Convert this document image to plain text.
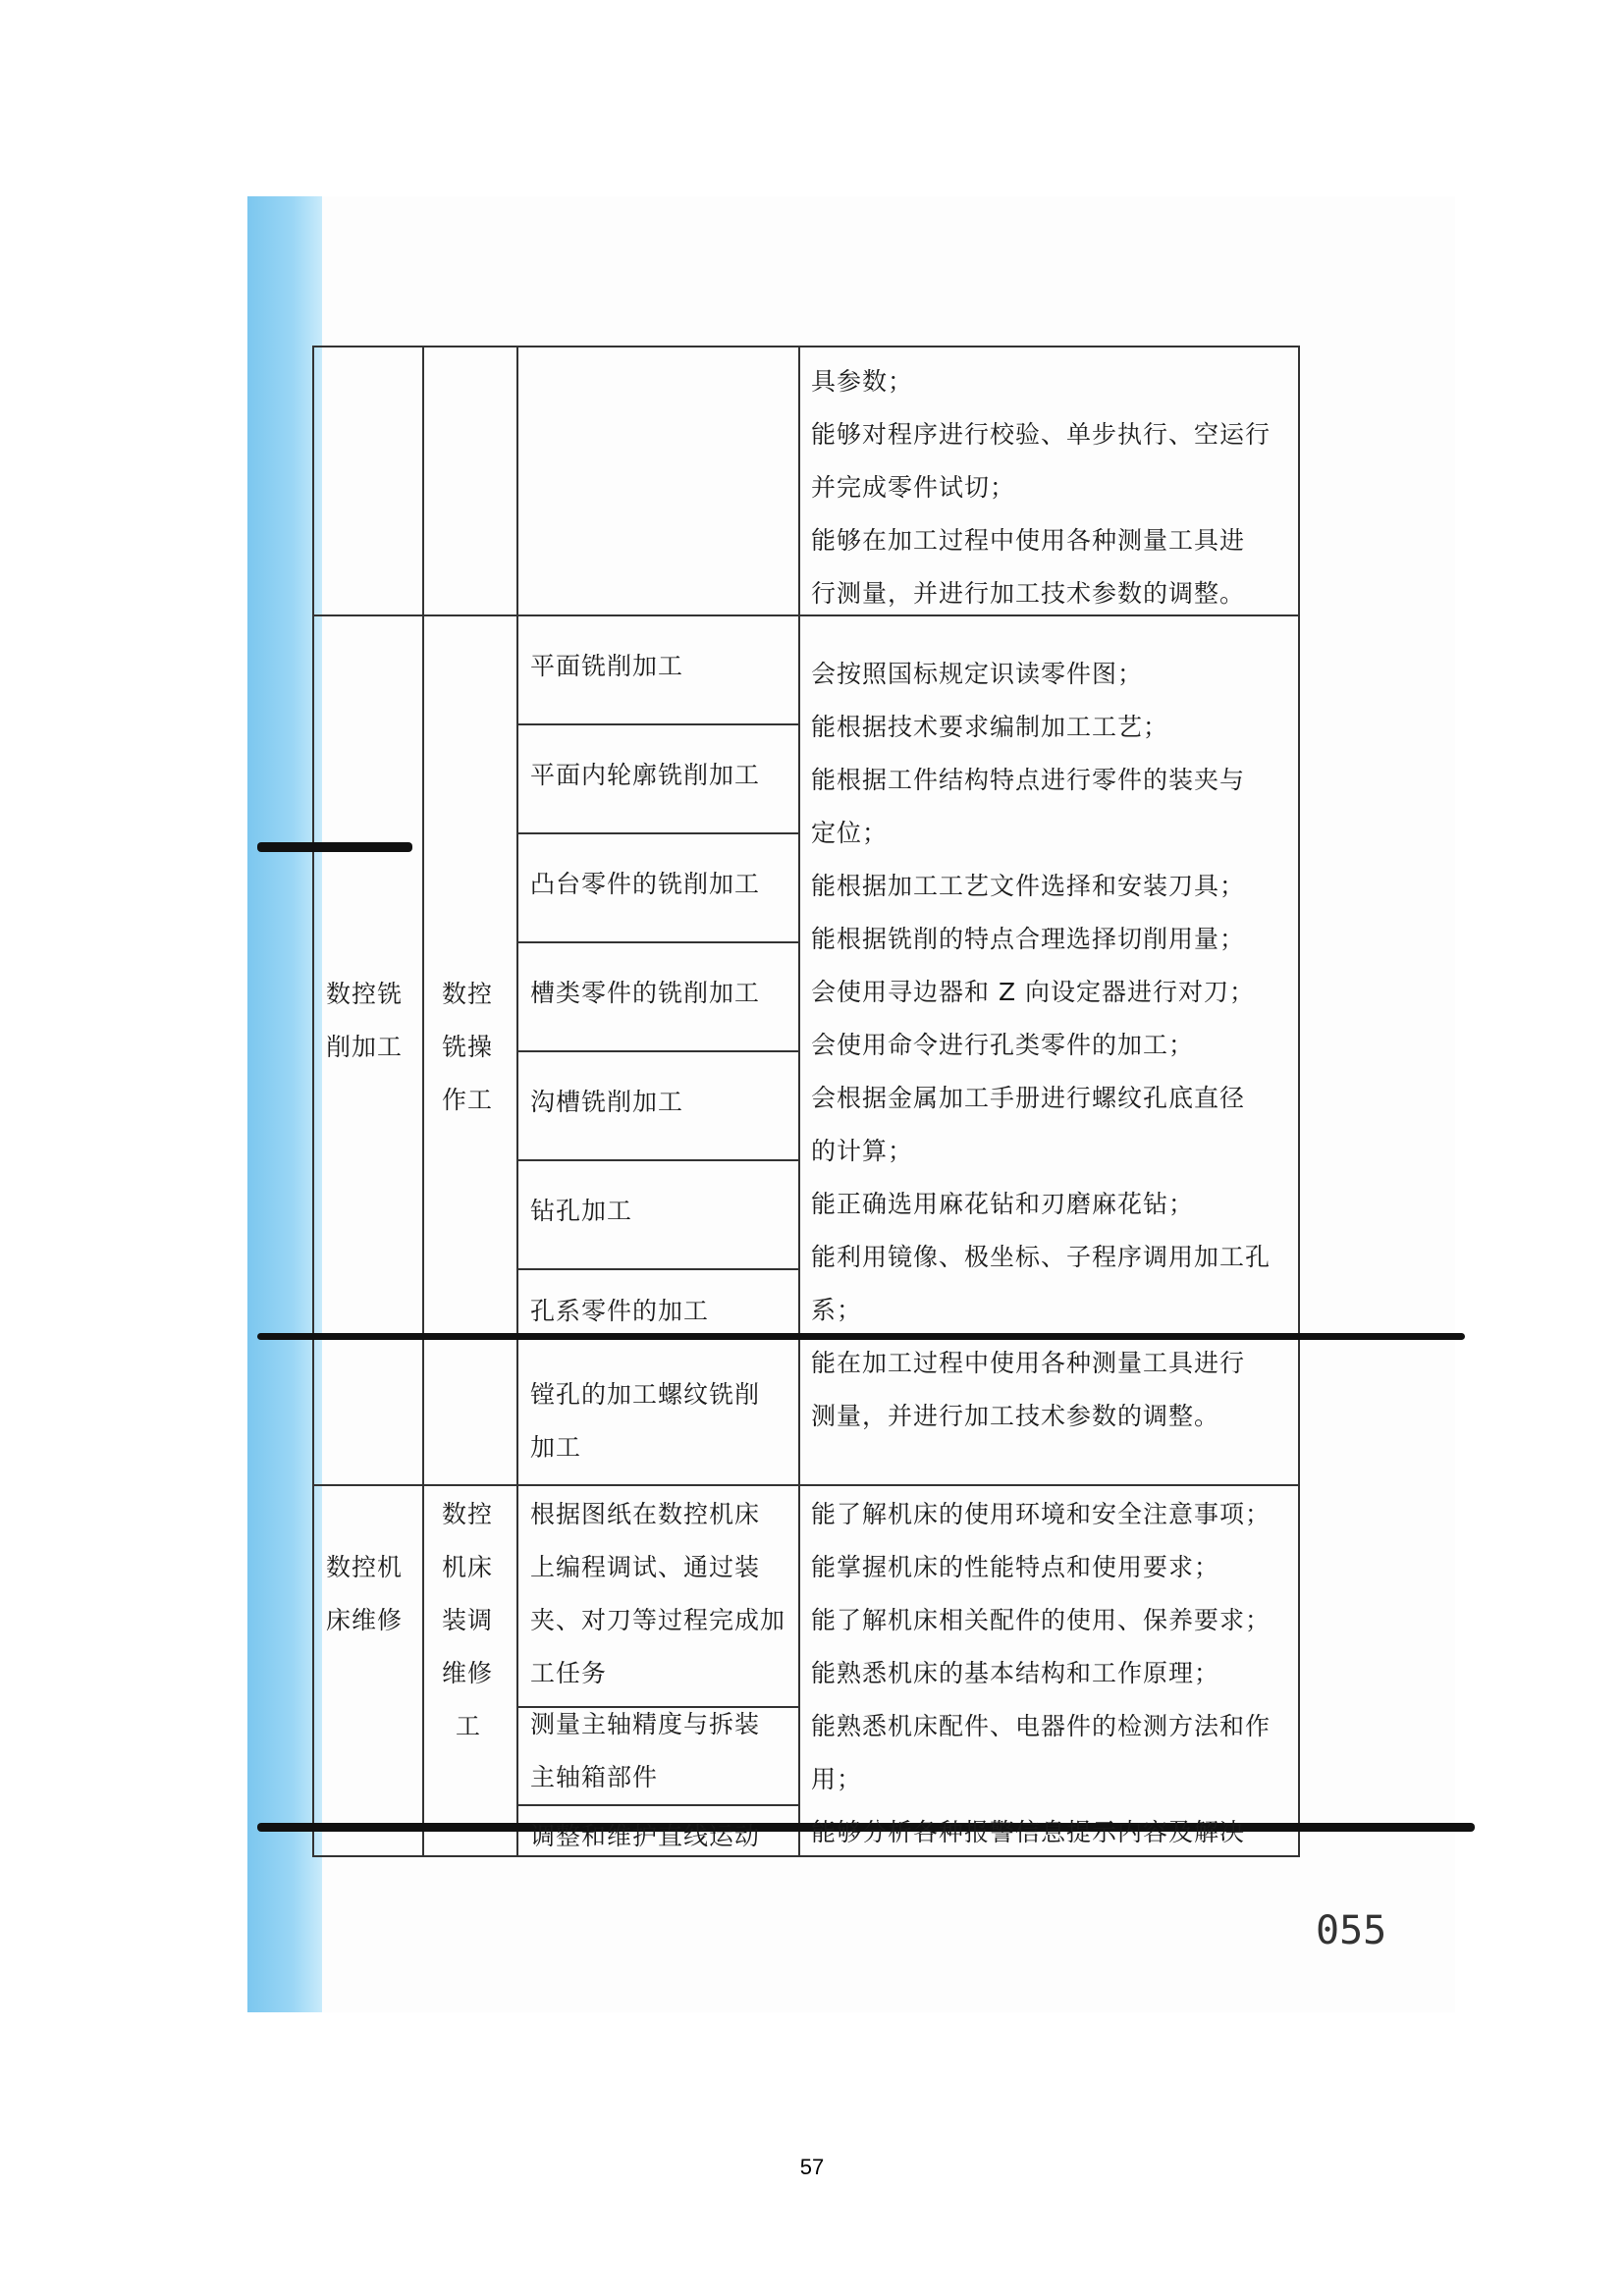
具参数；
能够对程序进行校验、单步执行、空运行
并完成零件试切；
能够在加工过程中使用各种测量工具进
行测量，并进行加工技术参数的调整。
数控铣
削加工
数控
铣操
作工
平面铣削加工
平面内轮廓铣削加工
凸台零件的铣削加工
槽类零件的铣削加工
沟槽铣削加工
钻孔加工
孔系零件的加工
镗孔的加工螺纹铣削
加工
会按照国标规定识读零件图；
能根据技术要求编制加工工艺；
能根据工件结构特点进行零件的装夹与
定位；
能根据加工工艺文件选择和安装刀具；
能根据铣削的特点合理选择切削用量；
会使用寻边器和 Z 向设定器进行对刀；
会使用命令进行孔类零件的加工；
会根据金属加工手册进行螺纹孔底直径
的计算；
能正确选用麻花钻和刃磨麻花钻；
能利用镜像、极坐标、子程序调用加工孔
系；
能在加工过程中使用各种测量工具进行
测量，并进行加工技术参数的调整。
数控机
床维修
数控
机床
装调
维修
工
根据图纸在数控机床
上编程调试、通过装
夹、对刀等过程完成加
工任务
测量主轴精度与拆装
主轴箱部件
调整和维护直线运动
能了解机床的使用环境和安全注意事项；
能掌握机床的性能特点和使用要求；
能了解机床相关配件的使用、保养要求；
能熟悉机床的基本结构和工作原理；
能熟悉机床配件、电器件的检测方法和作
用；
能够分析各种报警信息提示内容及解决
055
57
